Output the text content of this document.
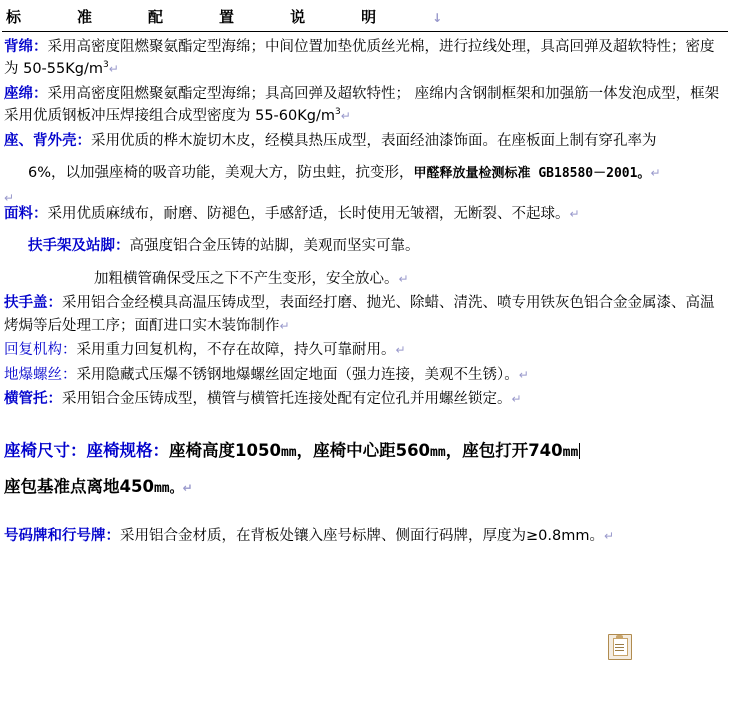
标	准	配	置	说	明	↓

背绵：采用高密度阻燃聚氨酯定型海绵；中间位置加垫优质丝光棉，进行拉线处理，具高回弹及超软特性；密度为 $50-55Kg/m^3↵$

座绵：采用高密度阻燃聚氨酯定型海绵；具高回弹及超软特性； 座绵内含钢制框架和加强筋一体发泡成型，框架采用优质钢板冲压焊接组合成型密度为 $55-60Kg/m^3↵$

座、背外壳：采用优质的桦木旋切木皮，经模具热压成型，表面经油漆饰面。在座板面上制有穿孔率为

6%，以加强座椅的吸音功能，美观大方，防虫蛀，抗变形，甲醛释放量检测标准 GB18580－2001。↵

↵

面料：采用优质麻绒布，耐磨、防褪色，手感舒适，长时使用无皱褶，无断裂、不起球。↵

扶手架及站脚：高强度铝合金压铸的站脚，美观而坚实可靠。

加粗横管确保受压之下不产生变形，安全放心。↵

扶手盖：采用铝合金经模具高温压铸成型，表面经打磨、抛光、除蜡、清洗、喷专用铁灰色铝合金金属漆、高温烤焗等后处理工序；面酊进口实木装饰制作↵

回复机构：采用重力回复机构，不存在故障，持久可靠耐用。↵

地爆螺丝：采用隐藏式压爆不锈钢地爆螺丝固定地面（强力连接，美观不生锈）。↵

横管托：采用铝合金压铸成型，横管与横管托连接处配有定位孔并用螺丝锁定。↵

座椅尺寸：座椅规格：座椅高度1050mm，座椅中心距560mm，座包打开740mm
座包基准点离地450mm。↵

号码牌和行号牌：采用铝合金材质，在背板处镶入座号标牌、侧面行码牌，厚度为≥0.8mm。↵
